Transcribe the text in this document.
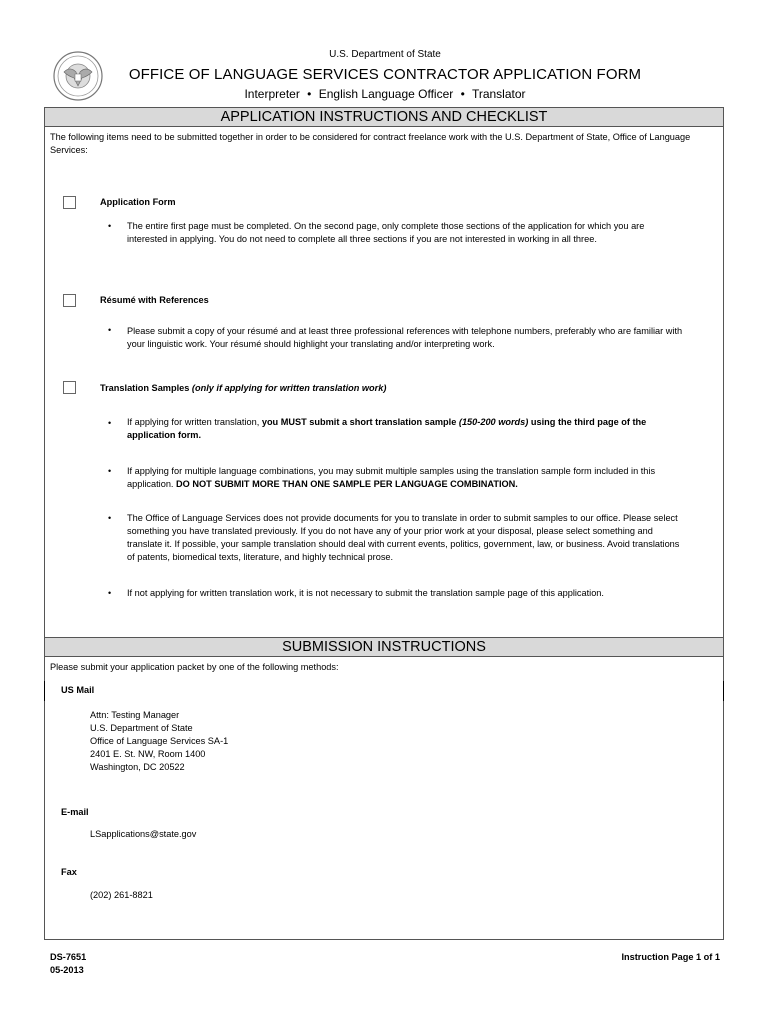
U.S. Department of State
OFFICE OF LANGUAGE SERVICES CONTRACTOR APPLICATION FORM
Interpreter • English Language Officer • Translator
APPLICATION INSTRUCTIONS AND CHECKLIST
The following items need to be submitted together in order to be considered for contract freelance work with the U.S. Department of State, Office of Language Services:
Application Form
• The entire first page must be completed. On the second page, only complete those sections of the application for which you are interested in applying. You do not need to complete all three sections if you are not interested in working in all three.
Résumé with References
• Please submit a copy of your résumé and at least three professional references with telephone numbers, preferably who are familiar with your linguistic work. Your résumé should highlight your translating and/or interpreting work.
Translation Samples (only if applying for written translation work)
• If applying for written translation, you MUST submit a short translation sample (150-200 words) using the third page of the application form.
• If applying for multiple language combinations, you may submit multiple samples using the translation sample form included in this application. DO NOT SUBMIT MORE THAN ONE SAMPLE PER LANGUAGE COMBINATION.
• The Office of Language Services does not provide documents for you to translate in order to submit samples to our office. Please select something you have translated previously. If you do not have any of your prior work at your disposal, please select something and translate it. If possible, your sample translation should deal with current events, politics, government, law, or business. Avoid translations of patents, biomedical texts, literature, and highly technical prose.
• If not applying for written translation work, it is not necessary to submit the translation sample page of this application.
SUBMISSION INSTRUCTIONS
Please submit your application packet by one of the following methods:
US Mail
Attn: Testing Manager
U.S. Department of State
Office of Language Services SA-1
2401 E. St. NW, Room 1400
Washington, DC 20522
E-mail
LSapplications@state.gov
Fax
(202) 261-8821
DS-7651
05-2013
Instruction Page 1 of 1
